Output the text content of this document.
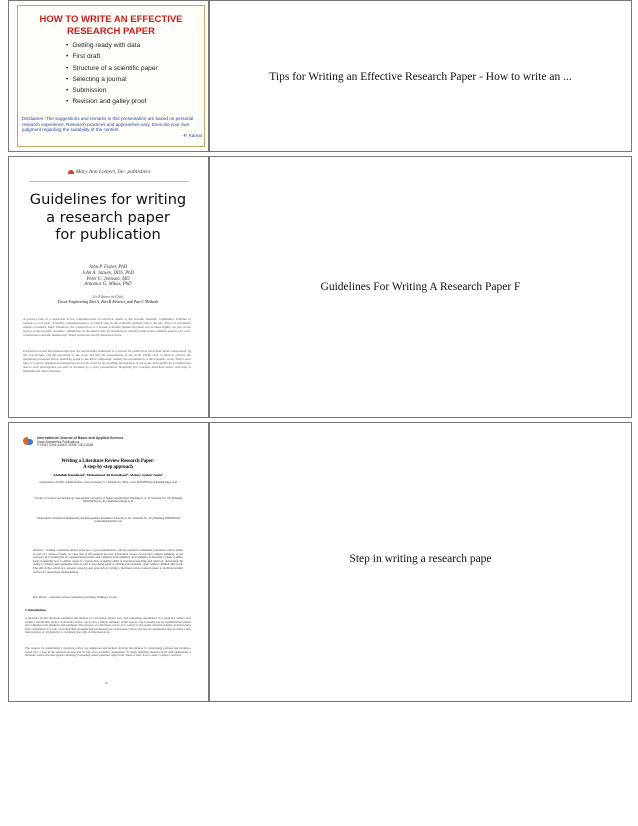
HOW TO WRITE AN EFFECTIVE
RESEARCH PAPER
• Getting ready with data
• First draft
• Structure of a scientific paper
• Selecting a journal
• Submission
• Revision and galley proof
Disclaimer: The suggestions and remarks in this presentation are based on personal research experience. Research practices and approaches vary. Exercise your own judgment regarding the suitability of the content.
-P. Kamat
Tips for Writing an Effective Research Paper - How to write an ...
Mary Ann Liebert, Inc. publishers
Guidelines for writing
a research paper
for publication
John P. Fisher, PhD
John A. Jansen, DDS, PhD
Peter C. Johnson, MD
Antonios G. Mikos, PhD
Co-Editors-in-Chief
Tissue Engineering Part A, Part B Reviews, and Part C Methods
A primary task of a researcher is the communication of technical results to the broader scientific community. Whether in written or oral form, scientific communication is a critical step in the scientific method and is the key driver of movement within a scientific field. Therefore, the construction of a written scientific manuscript must not be taken lightly. As part of our service to the broader scientific community, we thought it may be beneficial to identify some of the common aspects of a well-constructed scientific manuscript. These points are briefly discussed below.
It should be noted that manuscripts that are successfully submitted to a journal for publication have three main components: (i) the overall idea, (ii) the execution of the work and (iii) the presentation of the work. While each of these is critical, the guidelines presented below primarily speak to the third component, namely the presentation of the scientific work. Thus a poor idea or a poorly designed investigation can not be saved by an excellent presentation of the work, and equally an excellent idea that is well investigated can still be doomed by a poor presentation. Hopefully the concepts described below will help to minimize the latter situation.
Guidelines For Writing A Research Paper F
International Journal of Basic and Applied Science
Insan Akademika Publications
P-ISSN: 2301-4458 E-ISSN: 2301-8038
Writing a Literature Review Research Paper:
A step-by-step approach
Abdullah Ramdhani¹, Muhammad Ali Ramdhani², Abdusy Syakur Amin³
¹ Department of Public Administration, Garut University Jl. Cimanuk No. 285A, Garut INDONESIA abdullah@uniga.ac.id
² Faculty of Science and Technology State Islamic University of Sunan Gunung Djati, Bandung Jl. A. H. Nasution No. 105, Bandung INDONESIA m_ali_ramdhani@uinsgd.ac.id
³ Department of Industrial Engineering and Management, Pasundan University Jl. Dr. Setiabudi No. 193, Bandung INDONESIA syakuramin@gmail.com
Abstract – Writing a literature review is the pre- or post-qualification, will be required to undertake a literature review, either as part of a course of study, as a key step of the research process. A literature review can be just a simple summary of the sources, but it usually has an organizational pattern and combines both summary and synthesis. It demands a range of skills, such as learning how to define topics for exploration, acquiring skills of literature searching and retrieval, developing the ability to analyze and synthesize data as well as becoming adept at writing and reporting, often within a limited time scale. The aim of this article is to present a step-by-step approach to writing a literature review research paper to facilitate student and novice researchers understanding.
Key Words – Literature review, Literature searching, Writing a review.
1 Introduction
A literature review discusses published information in a particular subject area, and sometimes information in a particular subject area within a certain time period. A literature review can be just a simple summary of the sources, but it usually has an organizational pattern and combines both summary and synthesis. The purpose of a literature review is to convey to the reader what knowledge and ideas have been established on a topic, and what their strengths and weaknesses are. A literature review also has an organization that provides a new interpretation of old material or combines new with old interpretations.
The reasons for undertaking a literature review are numerous and include eliciting information for developing policies and evidence-based care, a step in the research process and as part of an academic assessment. To many qualified students faced with undertaking a literature review the task appears daunting. Frequently asked questions range from where to start, how to select a subject, and how
47
Step in writing a research pape
